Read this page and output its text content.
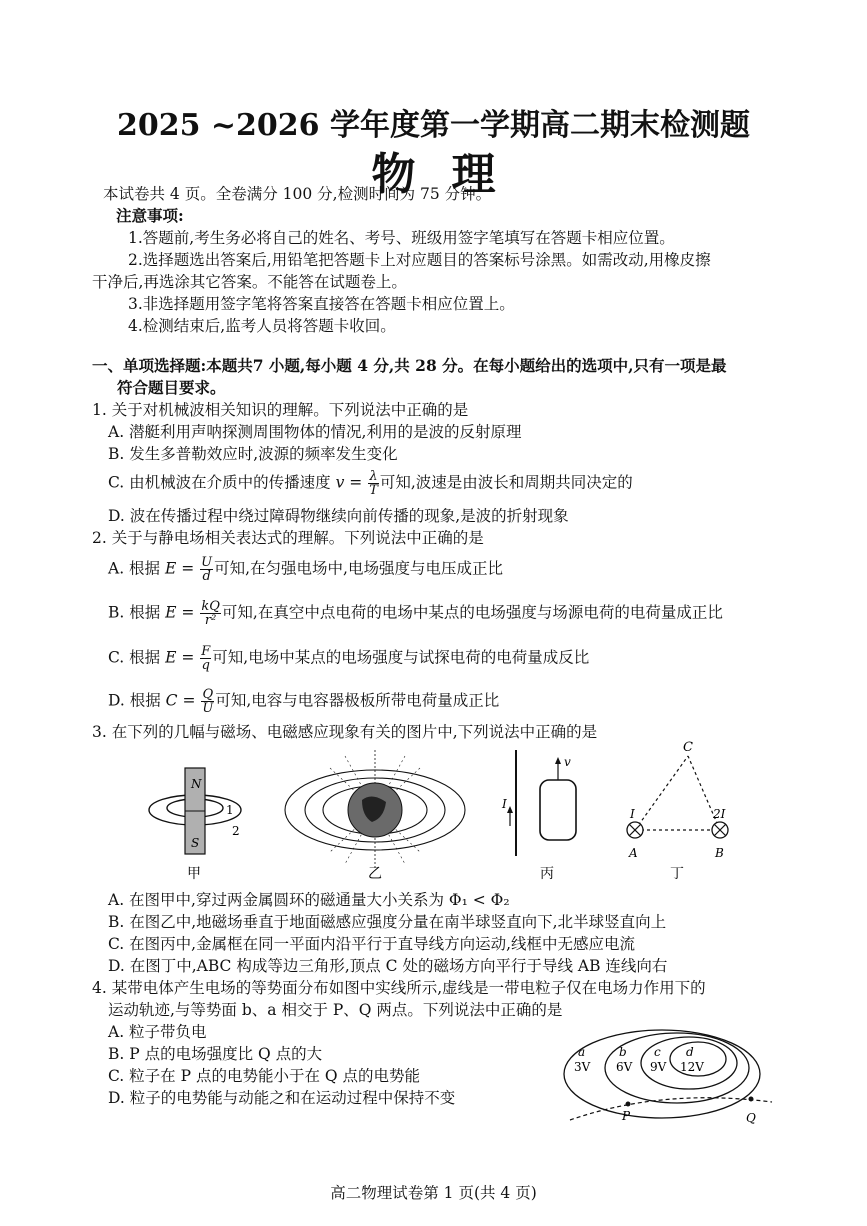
2025 ~2026 学年度第一学期高二期末检测题
物理
本试卷共 4 页。全卷满分 100 分,检测时间为 75 分钟。
注意事项:
1.答题前,考生务必将自己的姓名、考号、班级用签字笔填写在答题卡相应位置。
2.选择题选出答案后,用铅笔把答题卡上对应题目的答案标号涂黑。如需改动,用橡皮擦
干净后,再选涂其它答案。不能答在试题卷上。
3.非选择题用签字笔将答案直接答在答题卡相应位置上。
4.检测结束后,监考人员将答题卡收回。
一、单项选择题:本题共7 小题,每小题 4 分,共 28 分。在每小题给出的选项中,只有一项是最
符合题目要求。
1. 关于对机械波相关知识的理解。下列说法中正确的是
A. 潜艇利用声呐探测周围物体的情况,利用的是波的反射原理
B. 发生多普勒效应时,波源的频率发生变化
C. 由机械波在介质中的传播速度 $v = \frac{\lambda}{T}$ 可知,波速是由波长和周期共同决定的
D. 波在传播过程中绕过障碍物继续向前传播的现象,是波的折射现象
2. 关于与静电场相关表达式的理解。下列说法中正确的是
A. 根据 $E = \frac{U}{d}$ 可知,在匀强电场中,电场强度与电压成正比
B. 根据 $E = \frac{kQ}{\text{r²}}$ 可知,在真空中点电荷的电场中某点的电场强度与场源电荷的电荷量成正比
C. 根据 $E = \frac{F}{q}$ 可知,电场中某点的电场强度与试探电荷的电荷量成反比
D. 根据 $C = \frac{Q}{U}$ 可知,电容与电容器极板所带电荷量成正比
3. 在下列的几幅与磁场、电磁感应现象有关的图片中,下列说法中正确的是
N
S
1
2
甲	乙
I
v
丙
C
I	2I
A	B
丁
A. 在图甲中,穿过两金属圆环的磁通量大小关系为 Φ₁ < Φ₂
B. 在图乙中,地磁场垂直于地面磁感应强度分量在南半球竖直向下,北半球竖直向上
C. 在图丙中,金属框在同一平面内沿平行于直导线方向运动,线框中无感应电流
D. 在图丁中,ABC 构成等边三角形,顶点 C 处的磁场方向平行于导线 AB 连线向右
4. 某带电体产生电场的等势面分布如图中实线所示,虚线是一带电粒子仅在电场力作用下的
运动轨迹,与等势面 b、a 相交于 P、Q 两点。下列说法中正确的是
A. 粒子带负电
B. P 点的电场强度比 Q 点的大
C. 粒子在 P 点的电势能小于在 Q 点的电势能
D. 粒子的电势能与动能之和在运动过程中保持不变
a
3V
b
6V
c
9V
d
12V
P	Q
高二物理试卷第 1 页(共 4 页)
